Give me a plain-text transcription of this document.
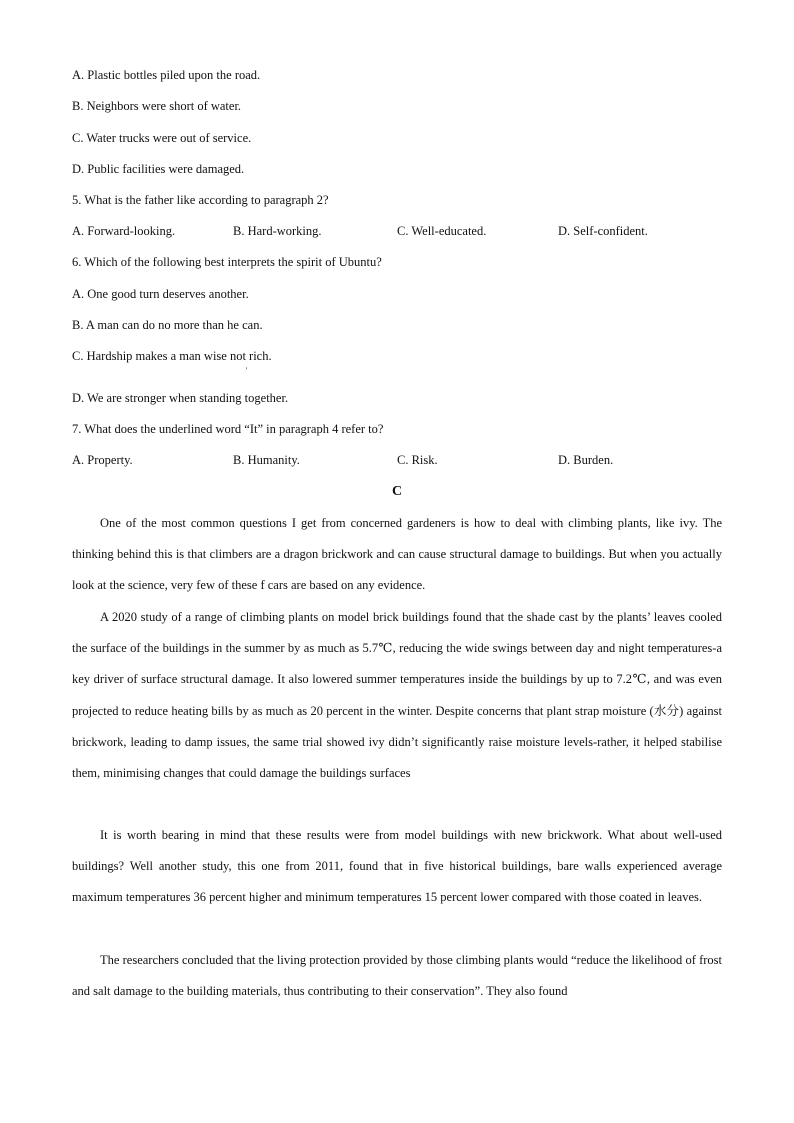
A. Plastic bottles piled upon the road.
B. Neighbors were short of water.
C. Water trucks were out of service.
D. Public facilities were damaged.
5. What is the father like according to paragraph 2?
A. Forward-looking.	B. Hard-working.	C. Well-educated.	D. Self-confident.
6. Which of the following best interprets the spirit of Ubuntu?
A. One good turn deserves another.
B. A man can do no more than he can.
C. Hardship makes a man wise not rich.
'
D. We are stronger when standing together.
7. What does the underlined word “It” in paragraph 4 refer to?
A. Property.	B. Humanity.	C. Risk.	D. Burden.
C
One of the most common questions I get from concerned gardeners is how to deal with climbing plants, like ivy. The thinking behind this is that climbers are a dragon brickwork and can cause structural damage to buildings. But when you actually look at the science, very few of these f cars are based on any evidence.
A 2020 study of a range of climbing plants on model brick buildings found that the shade cast by the plants’ leaves cooled the surface of the buildings in the summer by as much as 5.7℃, reducing the wide swings between day and night temperatures-a key driver of surface structural damage. It also lowered summer temperatures inside the buildings by up to 7.2℃, and was even projected to reduce heating bills by as much as 20 percent in the winter. Despite concerns that plant strap moisture (水分) against brickwork, leading to damp issues, the same trial showed ivy didn’t significantly raise moisture levels-rather, it helped stabilise them, minimising changes that could damage the buildings surfaces
It is worth bearing in mind that these results were from model buildings with new brickwork. What about well-used buildings? Well another study, this one from 2011, found that in five historical buildings, bare walls experienced average maximum temperatures 36 percent higher and minimum temperatures 15 percent lower compared with those coated in leaves.
The researchers concluded that the living protection provided by those climbing plants would “reduce the likelihood of frost and salt damage to the building materials, thus contributing to their conservation”. They also found
